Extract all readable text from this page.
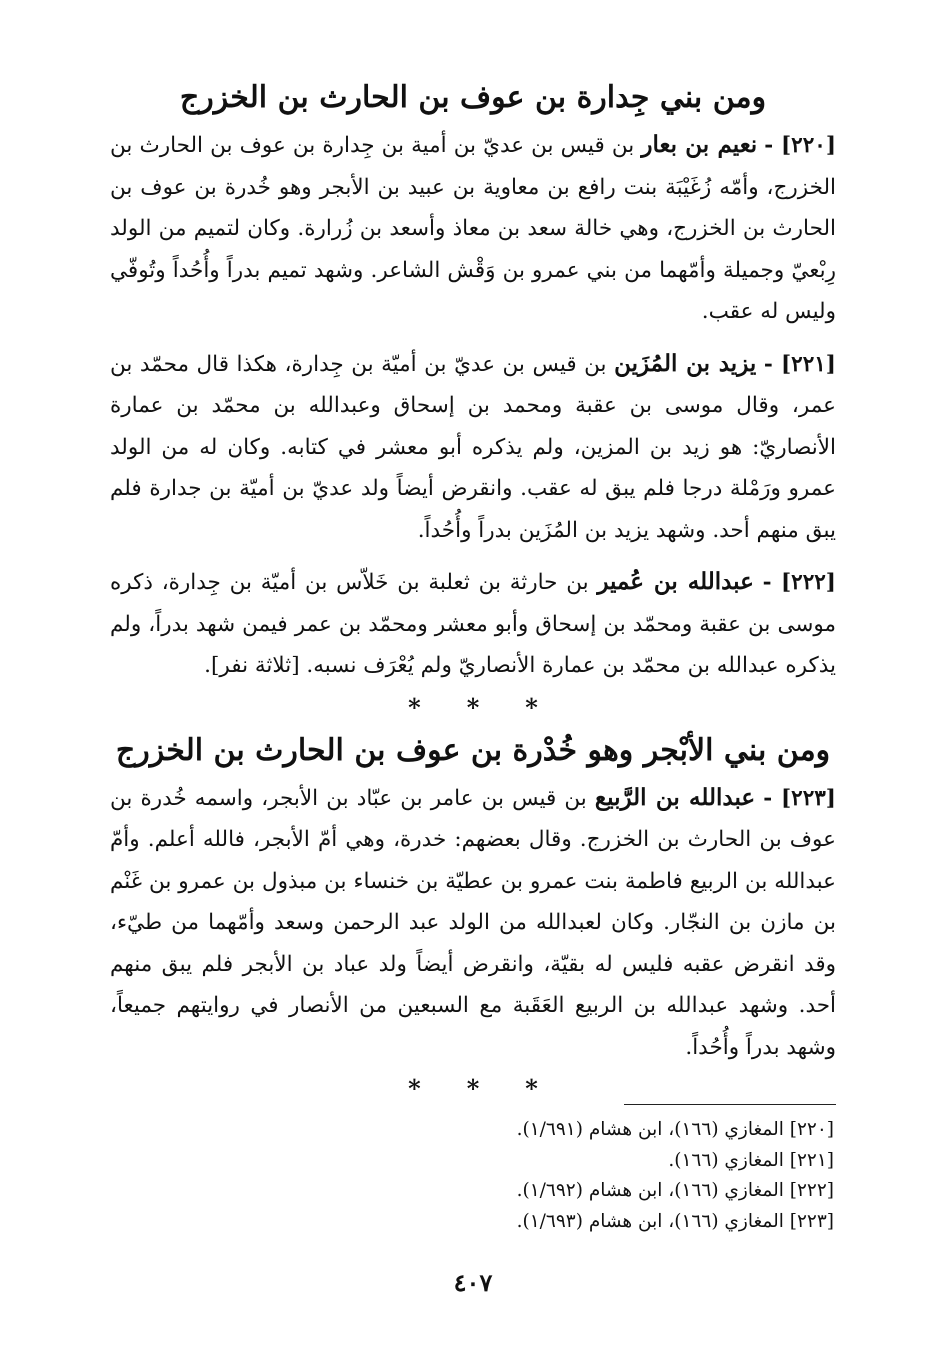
ومن بني جِدارة بن عوف بن الحارث بن الخزرج

[٢٢٠] - نعيم بن بعار بن قيس بن عديّ بن أمية بن جِدارة بن عوف بن الحارث بن الخزرج، وأمّه زُغَيْبَة بنت رافع بن معاوية بن عبيد بن الأبجر وهو خُدرة بن عوف بن الحارث بن الخزرج، وهي خالة سعد بن معاذ وأسعد بن زُرارة. وكان لتميم من الولد رِبْعيّ وجميلة وأمّهما من بني عمرو بن وَقْش الشاعر. وشهد تميم بدراً وأُحُداً وتُوفّي وليس له عقب.

[٢٢١] - يزيد بن المُزَين بن قيس بن عديّ بن أميّة بن جِدارة، هكذا قال محمّد بن عمر، وقال موسى بن عقبة ومحمد بن إسحاق وعبدالله بن محمّد بن عمارة الأنصاريّ: هو زيد بن المزين، ولم يذكره أبو معشر في كتابه. وكان له من الولد عمرو ورَمْلة درجا فلم يبق له عقب. وانقرض أيضاً ولد عديّ بن أميّة بن جدارة فلم يبق منهم أحد. وشهد يزيد بن المُزَين بدراً وأُحُداً.

[٢٢٢] - عبدالله بن عُمير بن حارثة بن ثعلبة بن خَلاّس بن أميّة بن جِدارة، ذكره موسى بن عقبة ومحمّد بن إسحاق وأبو معشر ومحمّد بن عمر فيمن شهد بدراً، ولم يذكره عبدالله بن محمّد بن عمارة الأنصاريّ ولم يُعْرَف نسبه. [ثلاثة نفر].

* * *
ومن بني الأبْجر وهو خُدْرة بن عوف بن الحارث بن الخزرج

[٢٢٣] - عبدالله بن الرَّبيع بن قيس بن عامر بن عبّاد بن الأبجر، واسمه خُدرة بن عوف بن الحارث بن الخزرج. وقال بعضهم: خدرة، وهي أمّ الأبجر، فالله أعلم. وأمّ عبدالله بن الربيع فاطمة بنت عمرو بن عطيّة بن خنساء بن مبذول بن عمرو بن غَنْم بن مازن بن النجّار. وكان لعبدالله من الولد عبد الرحمن وسعد وأمّهما من طيّء، وقد انقرض عقبه فليس له بقيّة، وانقرض أيضاً ولد عباد بن الأبجر فلم يبق منهم أحد. وشهد عبدالله بن الربيع العَقَبة مع السبعين من الأنصار في روايتهم جميعاً، وشهد بدراً وأُحُداً.

* * *

[٢٢٠] المغازي (١٦٦)، ابن هشام (١/٦٩١).

[٢٢١] المغازي (١٦٦).

[٢٢٢] المغازي (١٦٦)، ابن هشام (١/٦٩٢).

[٢٢٣] المغازي (١٦٦)، ابن هشام (١/٦٩٣).

٤٠٧
